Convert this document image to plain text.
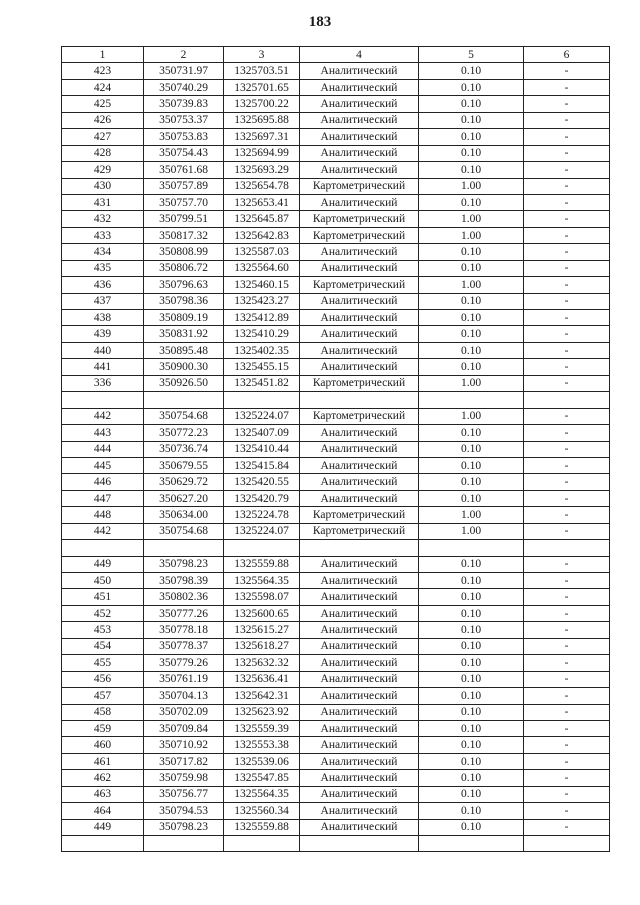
183
1	2	3	4	5	6
423	350731.97	1325703.51	Аналитический	0.10	-
424	350740.29	1325701.65	Аналитический	0.10	-
425	350739.83	1325700.22	Аналитический	0.10	-
426	350753.37	1325695.88	Аналитический	0.10	-
427	350753.83	1325697.31	Аналитический	0.10	-
428	350754.43	1325694.99	Аналитический	0.10	-
429	350761.68	1325693.29	Аналитический	0.10	-
430	350757.89	1325654.78	Картометрический	1.00	-
431	350757.70	1325653.41	Аналитический	0.10	-
432	350799.51	1325645.87	Картометрический	1.00	-
433	350817.32	1325642.83	Картометрический	1.00	-
434	350808.99	1325587.03	Аналитический	0.10	-
435	350806.72	1325564.60	Аналитический	0.10	-
436	350796.63	1325460.15	Картометрический	1.00	-
437	350798.36	1325423.27	Аналитический	0.10	-
438	350809.19	1325412.89	Аналитический	0.10	-
439	350831.92	1325410.29	Аналитический	0.10	-
440	350895.48	1325402.35	Аналитический	0.10	-
441	350900.30	1325455.15	Аналитический	0.10	-
336	350926.50	1325451.82	Картометрический	1.00	-

442	350754.68	1325224.07	Картометрический	1.00	-
443	350772.23	1325407.09	Аналитический	0.10	-
444	350736.74	1325410.44	Аналитический	0.10	-
445	350679.55	1325415.84	Аналитический	0.10	-
446	350629.72	1325420.55	Аналитический	0.10	-
447	350627.20	1325420.79	Аналитический	0.10	-
448	350634.00	1325224.78	Картометрический	1.00	-
442	350754.68	1325224.07	Картометрический	1.00	-

449	350798.23	1325559.88	Аналитический	0.10	-
450	350798.39	1325564.35	Аналитический	0.10	-
451	350802.36	1325598.07	Аналитический	0.10	-
452	350777.26	1325600.65	Аналитический	0.10	-
453	350778.18	1325615.27	Аналитический	0.10	-
454	350778.37	1325618.27	Аналитический	0.10	-
455	350779.26	1325632.32	Аналитический	0.10	-
456	350761.19	1325636.41	Аналитический	0.10	-
457	350704.13	1325642.31	Аналитический	0.10	-
458	350702.09	1325623.92	Аналитический	0.10	-
459	350709.84	1325559.39	Аналитический	0.10	-
460	350710.92	1325553.38	Аналитический	0.10	-
461	350717.82	1325539.06	Аналитический	0.10	-
462	350759.98	1325547.85	Аналитический	0.10	-
463	350756.77	1325564.35	Аналитический	0.10	-
464	350794.53	1325560.34	Аналитический	0.10	-
449	350798.23	1325559.88	Аналитический	0.10	-
